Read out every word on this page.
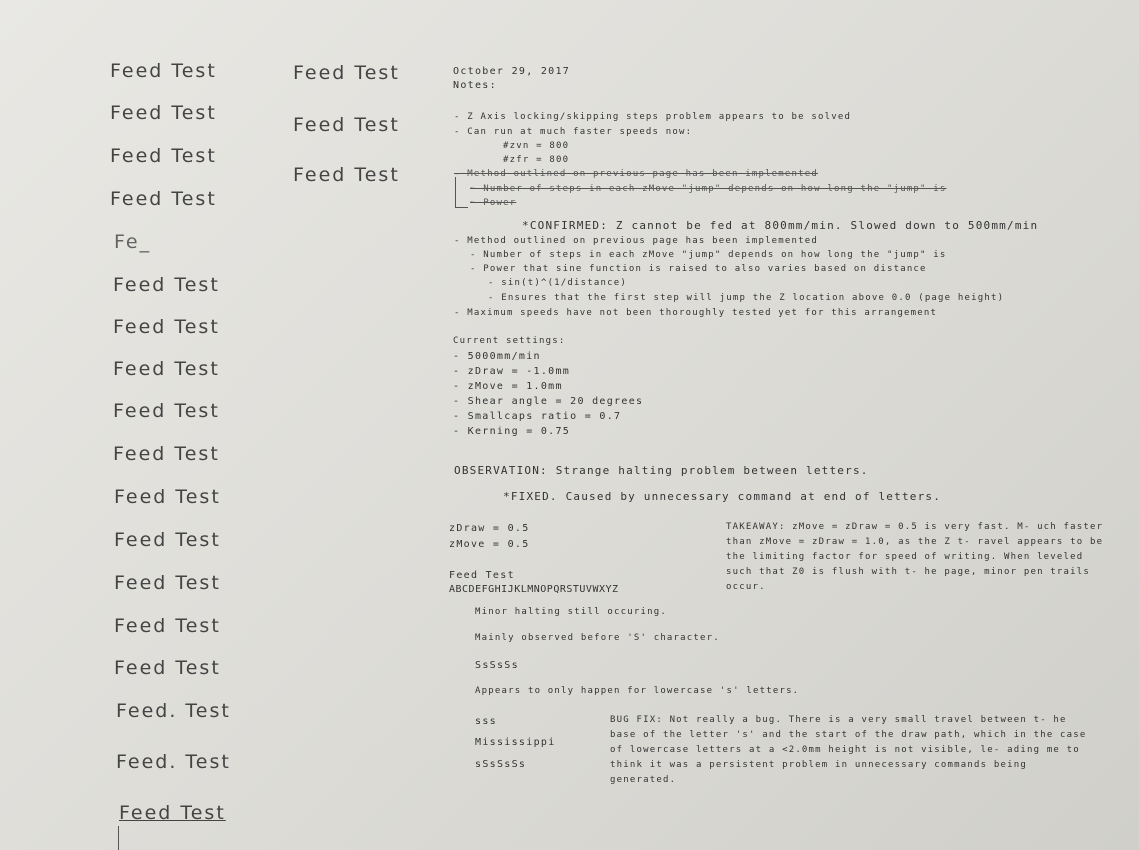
Feed Test
Feed Test
Feed Test
Feed Test
Fe_
Feed Test
Feed Test
Feed Test
Feed Test
Feed Test
Feed Test
Feed Test
Feed Test
Feed Test
Feed Test
Feed. Test
Feed. Test
Feed Test
Feed Test
Feed Test
Feed Test
October 29, 2017
Notes:
- Z Axis locking/skipping steps problem appears to be solved
- Can run at much faster speeds now:
#zvn = 800
#zfr = 800
- Method outlined on previous page has been implemented
~ Number of steps in each zMove "jump" depends on how long the "jump" is
~ Power
*CONFIRMED: Z cannot be fed at 800mm/min. Slowed down to 500mm/min
- Method outlined on previous page has been implemented
- Number of steps in each zMove "jump" depends on how long the "jump" is
- Power that sine function is raised to also varies based on distance
- sin(t)^(1/distance)
- Ensures that the first step will jump the Z location above 0.0 (page height)
- Maximum speeds have not been thoroughly tested yet for this arrangement
Current settings:
- 5000mm/min
- zDraw = -1.0mm
- zMove = 1.0mm
- Shear angle = 20 degrees
- Smallcaps ratio = 0.7
- Kerning = 0.75
OBSERVATION: Strange halting problem between letters.
*FIXED. Caused by unnecessary command at end of letters.
zDraw = 0.5
zMove = 0.5
Feed Test
ABCDEFGHIJKLMNOPQRSTUVWXYZ
TAKEAWAY: zMove = zDraw = 0.5 is very fast. M- uch faster than zMove = zDraw = 1.0, as the Z t- ravel appears to be the limiting factor for speed of writing. When leveled such that Z0 is flush with t- he page, minor pen trails occur.
Minor halting still occuring.
Mainly observed before 'S' character.
SsSsSs
Appears to only happen for lowercase 's' letters.
sss
Mississippi
sSsSsSs
BUG FIX: Not really a bug. There is a very small travel between t- he base of the letter 's' and the start of the draw path, which in the case of lowercase letters at a <2.0mm height is not visible, le- ading me to think it was a persistent problem in unnecessary commands being generated.
